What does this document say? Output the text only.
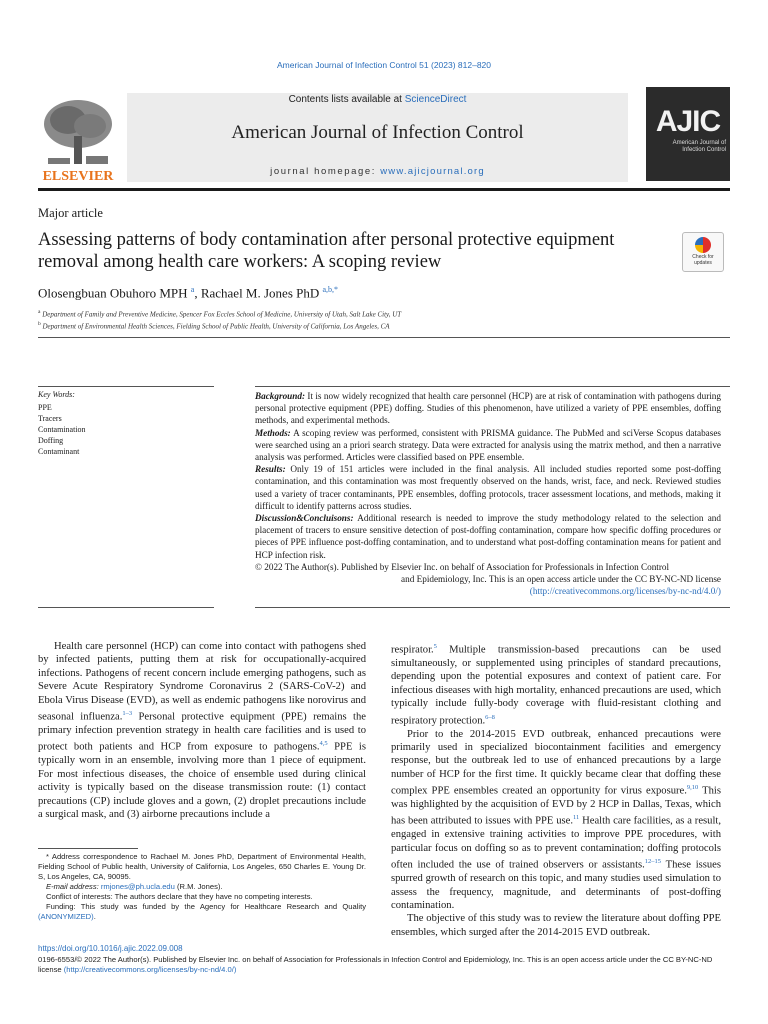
American Journal of Infection Control 51 (2023) 812–820
ELSEVIER
Contents lists available at ScienceDirect
American Journal of Infection Control
journal homepage: www.ajicjournal.org
AJIC
American Journal of Infection Control
Major article
Assessing patterns of body contamination after personal protective equipment removal among health care workers: A scoping review	Check for updates
Olosengbuan Obuhoro MPH $^a$, Rachael M. Jones PhD $^{a,b,*}$
$^a$ Department of Family and Preventive Medicine, Spencer Fox Eccles School of Medicine, University of Utah, Salt Lake City, UT
$^b$ Department of Environmental Health Sciences, Fielding School of Public Health, University of California, Los Angeles, CA
Key Words:
PPE
Tracers
Contamination
Doffing
Contaminant

Background: It is now widely recognized that health care personnel (HCP) are at risk of contamination with pathogens during personal protective equipment (PPE) doffing. Studies of this phenomenon, have utilized a variety of PPE ensembles, doffing methods, and experimental methods.

Methods: A scoping review was performed, consistent with PRISMA guidance. The PubMed and sciVerse Scopus databases were searched using an a priori search strategy. Data were extracted for analysis using the matrix method, and then a narrative analysis was performed. Articles were classified based on PPE ensemble.

Results: Only 19 of 151 articles were included in the final analysis. All included studies reported some post-doffing contamination, and this contamination was most frequently observed on the hands, wrist, face, and neck. Reviewed studies used a variety of tracer contaminants, PPE ensembles, doffing protocols, tracer assessment locations, and methods, making it difficult to identify patterns across studies.

Discussion&Concluisons: Additional research is needed to improve the study methodology related to the selection and placement of tracers to ensure sensitive detection of post-doffing contamination, compare how specific doffing procedures or pieces of PPE influence post-doffing contamination, and to understand what post-doffing contamination means for patient and HCP infection risk.

© 2022 The Author(s). Published by Elsevier Inc. on behalf of Association for Professionals in Infection Control

and Epidemiology, Inc. This is an open access article under the CC BY-NC-ND license

(http://creativecommons.org/licenses/by-nc-nd/4.0/)

Health care personnel (HCP) can come into contact with pathogens shed by infected patients, putting them at risk for occupationally-acquired infections. Pathogens of recent concern include emerging pathogens, such as Severe Acute Respiratory Syndrome Coronavirus 2 (SARS-CoV-2) and Ebola Virus Disease (EVD), as well as endemic pathogens like norovirus and seasonal influenza.$^{1-3}$ Personal protective equipment (PPE) remains the primary infection prevention strategy in health care facilities and is used to protect both patients and HCP from exposure to pathogens.$^{4,5}$ PPE is typically worn in an ensemble, involving more than 1 piece of equipment. For most infectious diseases, the choice of ensemble used during clinical activity is typically based on the disease transmission route: (1) contact precautions (CP) include gloves and a gown, (2) droplet precautions include a surgical mask, and (3) airborne precautions include a

respirator.$^5$ Multiple transmission-based precautions can be used simultaneously, or supplemented using principles of standard precautions, depending upon the potential exposures and context of patient care. For infectious diseases with high mortality, enhanced precautions are used, which typically include fully-body coverage with fluid-resistant clothing and respiratory protection.$^{6-8}$

Prior to the 2014-2015 EVD outbreak, enhanced precautions were primarily used in specialized biocontainment facilities and emergency response, but the outbreak led to use of enhanced precautions by a large number of HCP for the first time. It quickly became clear that doffing these complex PPE ensembles created an opportunity for virus exposure.$^{9,10}$ This was highlighted by the acquisition of EVD by 2 HCP in Dallas, Texas, which has been attributed to issues with PPE use.$^{11}$ Health care facilities, as a result, engaged in extensive training activities to improve PPE procedures, with particular focus on doffing so as to prevent contamination; doffing protocols often included the use of trained observers or assistants.$^{12-15}$ These issues spurred growth of research on this topic, and many studies used simulation to assess the frequency, magnitude, and determinants of post-doffing contamination.

The objective of this study was to review the literature about doffing PPE ensembles, which surged after the 2014-2015 EVD outbreak.

* Address correspondence to Rachael M. Jones PhD, Department of Environmental Health, Fielding School of Public health, University of California, Los Angeles, 650 Charles E. Young Dr. S, Los Angeles, CA, 90095.

E-mail address: rmjones@ph.ucla.edu (R.M. Jones).

Conflict of interests: The authors declare that they have no competing interests.

Funding: This study was funded by the Agency for Healthcare Research and Quality (ANONYMIZED).

https://doi.org/10.1016/j.ajic.2022.09.008
0196-6553/© 2022 The Author(s). Published by Elsevier Inc. on behalf of Association for Professionals in Infection Control and Epidemiology, Inc. This is an open access article under the CC BY-NC-ND license (http://creativecommons.org/licenses/by-nc-nd/4.0/)
